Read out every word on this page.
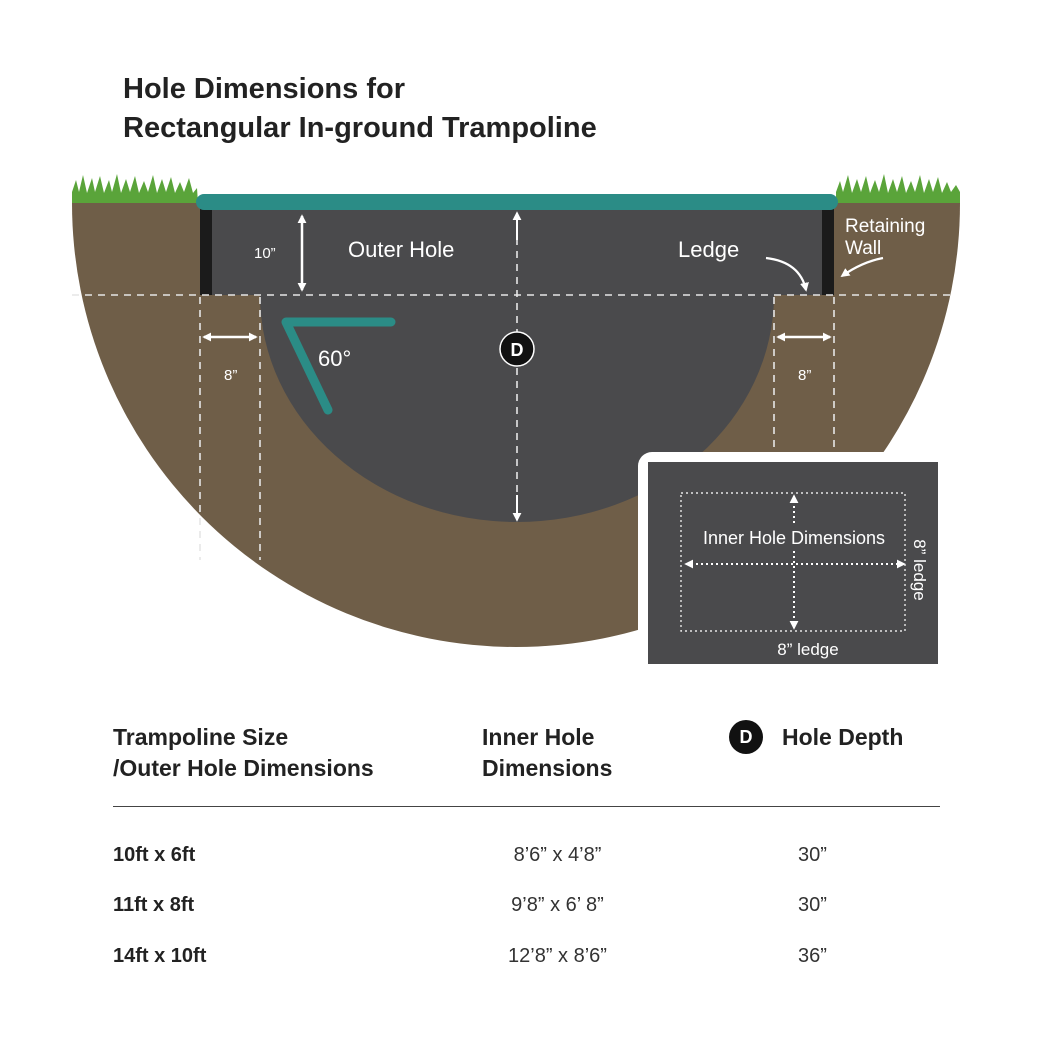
Hole Dimensions for
Rectangular In-ground Trampoline
D
Outer Hole	Ledge
Retaining
Wall
10”
8”	8”
60°
Inner Hole Dimensions
8” ledge
8” ledge
Trampoline Size
/Outer Hole Dimensions
Inner Hole
Dimensions
D	Hole Depth
10ft x 6ft	8’6” x 4’8”	30”
11ft x 8ft	9’8” x 6’ 8”	30”
14ft x 10ft	12’8” x 8’6”	36”
